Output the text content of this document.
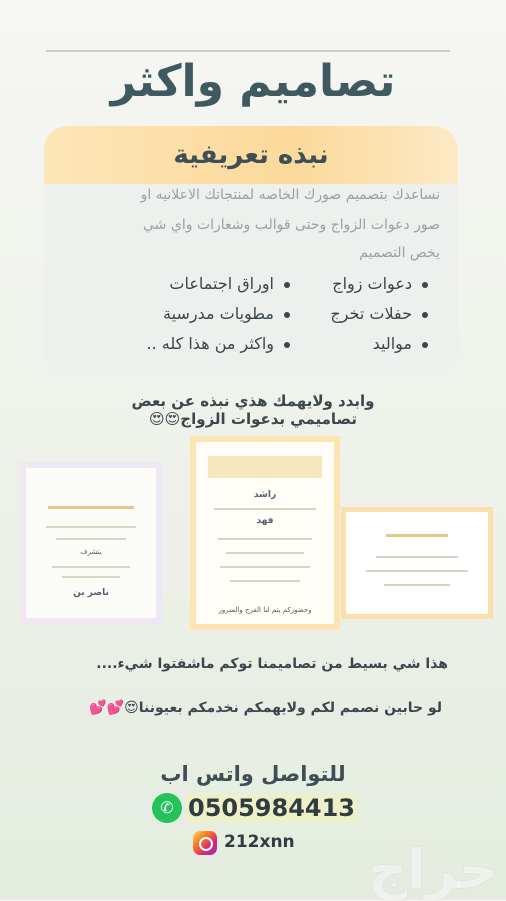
تصاميم واكثر
نبذه تعريفية
نساعدك بتصميم صورك الخاصه لمنتجاتك الاعلانيه او
صور دعوات الزواج وحتى قوالب وشعارات واي شي
يخص التصميم
دعوات زواج
حفلات تخرج
مواليد
اوراق اجتماعات
مطويات مدرسية
واكثر من هذا كله ..
وابدد ولايهمك هذي نبذه عن بعض
تصاميمي بدعوات الزواج😍😍
يتشرف
ناصر بن
راشد
فهد
وحضوركم يتم لنا الفرح والسرور
هذا شي بسيط من تصاميمنا توكم ماشفتوا شيء....
لو حابين نصمم لكم ولايهمكم نخدمكم بعيوننا😍💕💕
للتواصل واتس اب
✆ 0505984413
212xnn حراج
